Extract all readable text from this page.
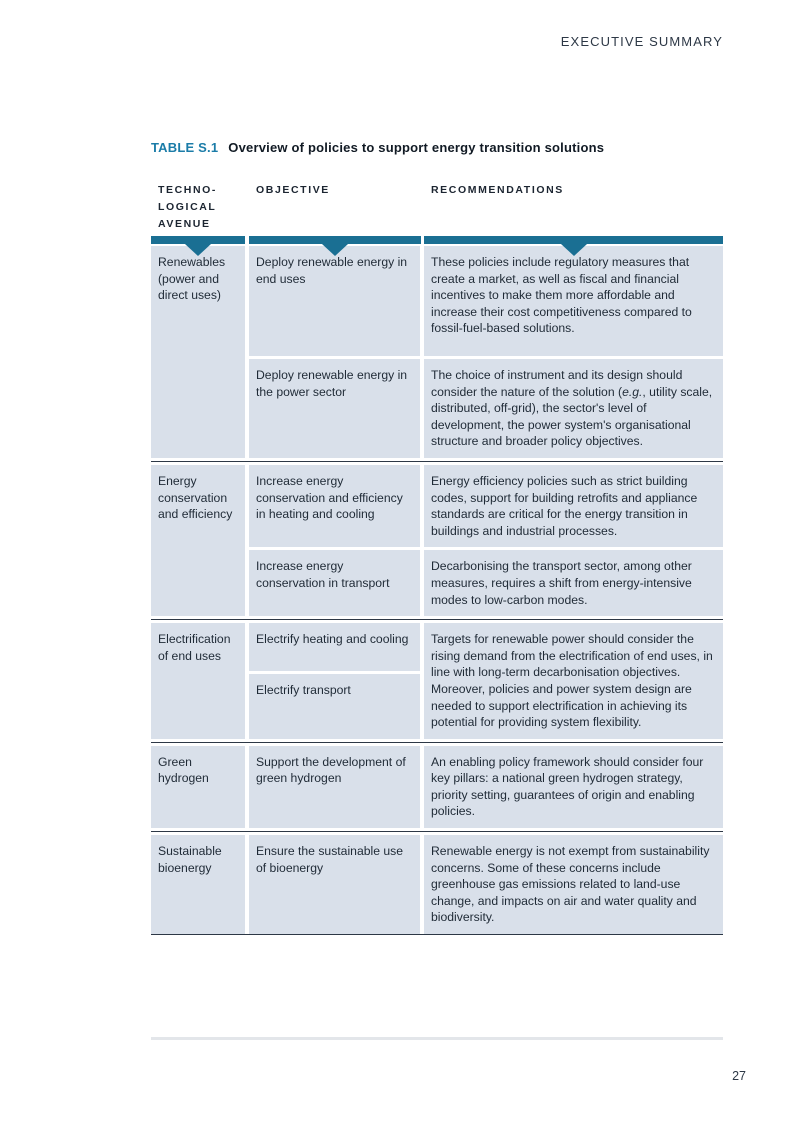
EXECUTIVE SUMMARY
TABLE S.1 Overview of policies to support energy transition solutions
TECHNO-
LOGICAL
AVENUE
OBJECTIVE	RECOMMENDATIONS
Renewables (power and direct uses)
Deploy renewable energy in end uses
These policies include regulatory measures that create a market, as well as fiscal and financial incentives to make them more affordable and increase their cost competitiveness compared to fossil-fuel-based solutions.
Deploy renewable energy in the power sector
The choice of instrument and its design should consider the nature of the solution (e.g., utility scale, distributed, off-grid), the sector's level of development, the power system's organisational structure and broader policy objectives.
Energy conservation and efficiency
Increase energy conservation and efficiency in heating and cooling
Energy efficiency policies such as strict building codes, support for building retrofits and appliance standards are critical for the energy transition in buildings and industrial processes.
Increase energy conservation in transport
Decarbonising the transport sector, among other measures, requires a shift from energy-intensive modes to low-carbon modes.
Electrification of end uses
Electrify heating and cooling
Electrify transport
Targets for renewable power should consider the rising demand from the electrification of end uses, in line with long-term decarbonisation objectives. Moreover, policies and power system design are needed to support electrification in achieving its potential for providing system flexibility.
Green hydrogen
Support the development of green hydrogen
An enabling policy framework should consider four key pillars: a national green hydrogen strategy, priority setting, guarantees of origin and enabling policies.
Sustainable bioenergy
Ensure the sustainable use of bioenergy
Renewable energy is not exempt from sustainability concerns. Some of these concerns include greenhouse gas emissions related to land-use change, and impacts on air and water quality and biodiversity.
27
